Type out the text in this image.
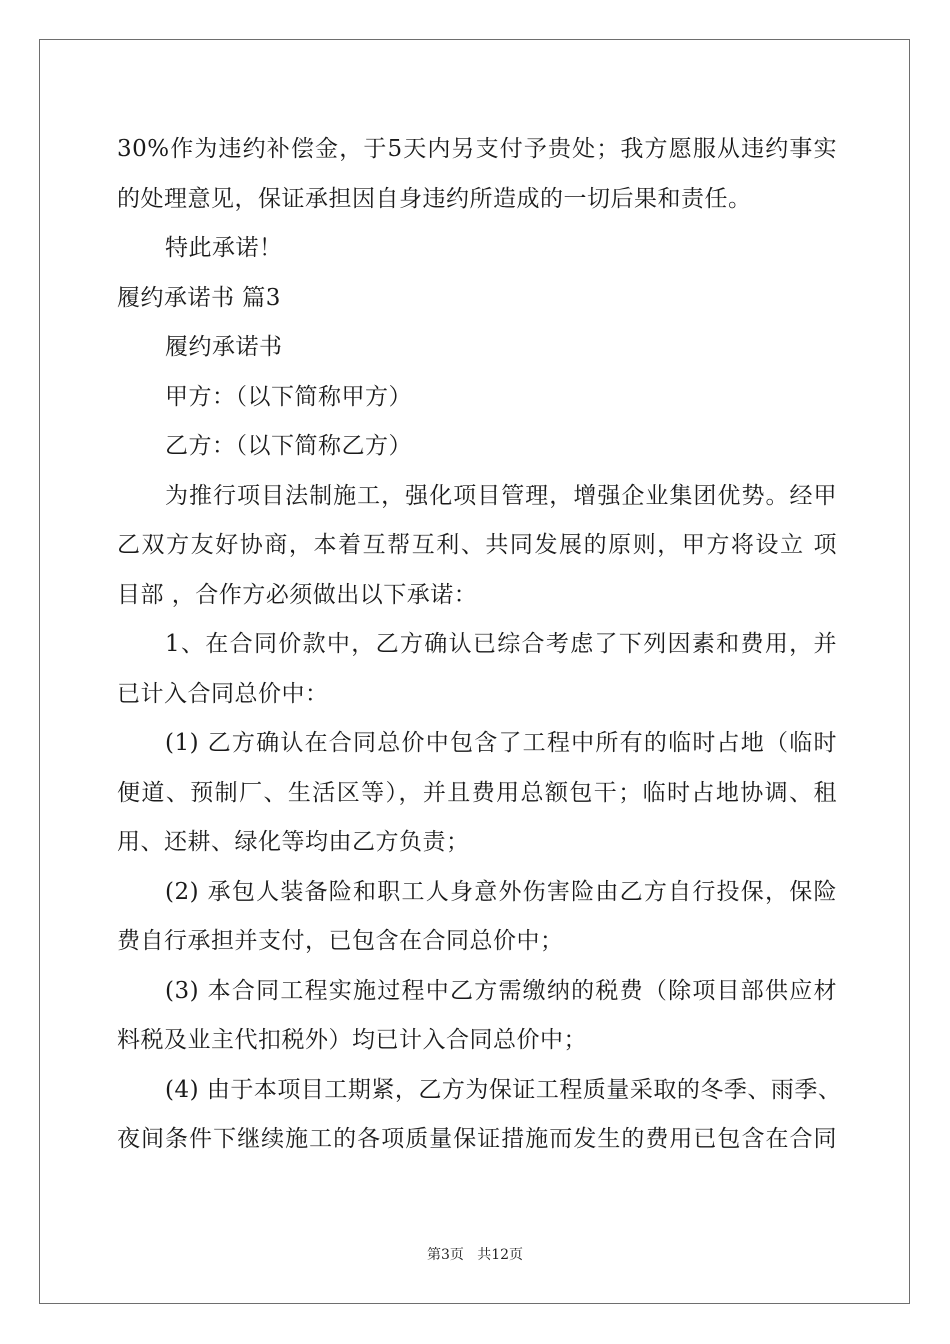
30%作为违约补偿金，于5天内另支付予贵处；我方愿服从违约事实
的处理意见，保证承担因自身违约所造成的一切后果和责任。
特此承诺！
履约承诺书 篇3
履约承诺书
甲方：（以下简称甲方）
乙方：（以下简称乙方）
为推行项目法制施工，强化项目管理，增强企业集团优势。经甲
乙双方友好协商，本着互帮互利、共同发展的原则，甲方将设立 项
目部 ，合作方必须做出以下承诺：
1、在合同价款中，乙方确认已综合考虑了下列因素和费用，并
已计入合同总价中：
(1) 乙方确认在合同总价中包含了工程中所有的临时占地（临时
便道、预制厂、生活区等），并且费用总额包干；临时占地协调、租
用、还耕、绿化等均由乙方负责；
(2) 承包人装备险和职工人身意外伤害险由乙方自行投保，保险
费自行承担并支付，已包含在合同总价中；
(3) 本合同工程实施过程中乙方需缴纳的税费（除项目部供应材
料税及业主代扣税外）均已计入合同总价中；
(4) 由于本项目工期紧，乙方为保证工程质量采取的冬季、雨季、
夜间条件下继续施工的各项质量保证措施而发生的费用已包含在合同
第3页   共12页
